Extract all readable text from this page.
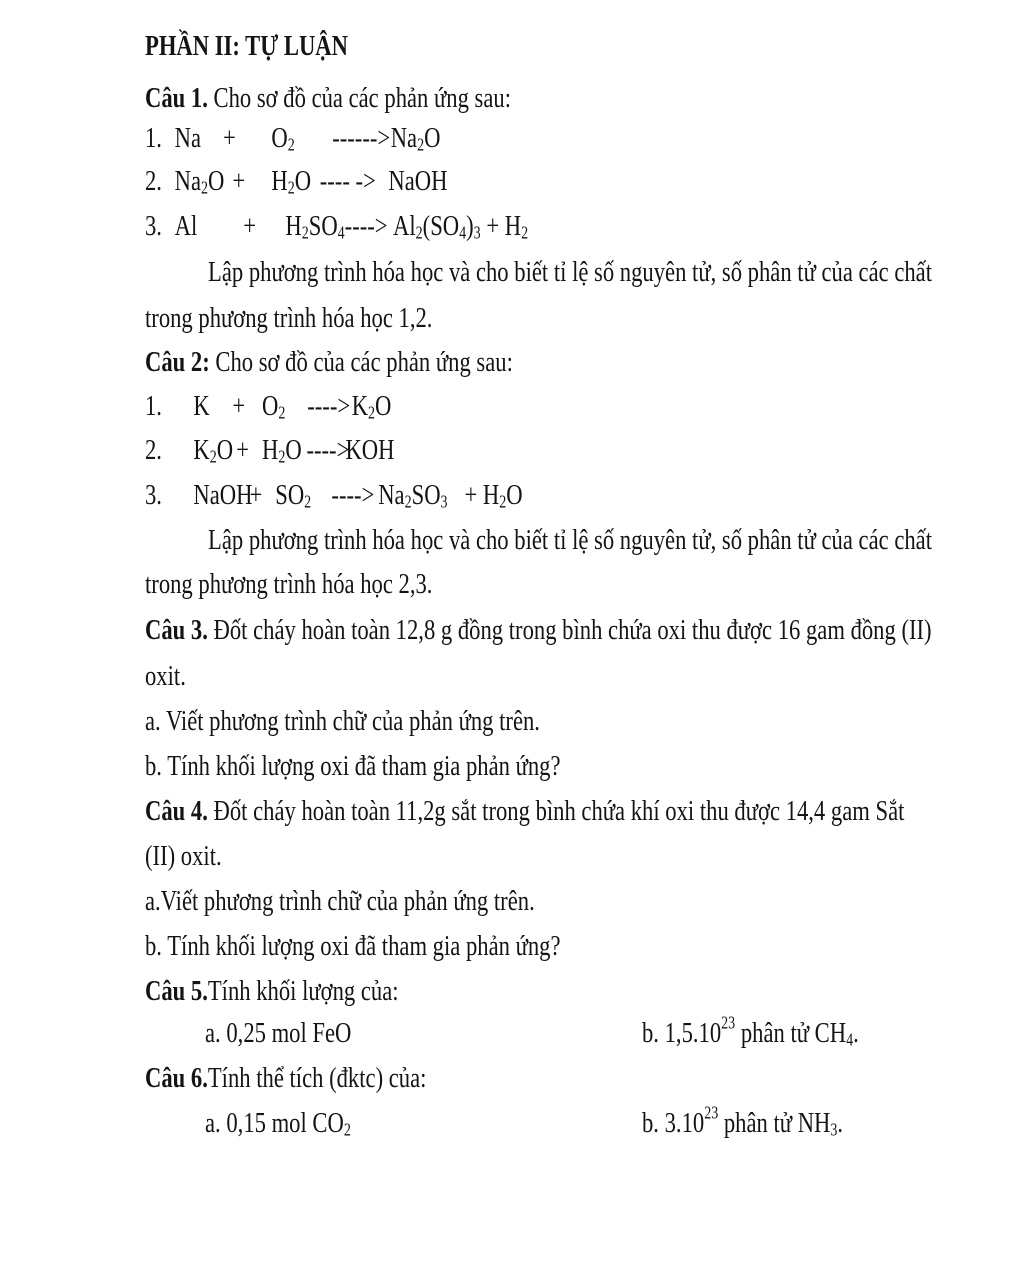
PHẦN II: TỰ LUẬN
Câu 1. Cho sơ đồ của các phản ứng sau:
1. $Na + O_2$ $------>Na_2O$
2. $Na_2O + H_2O$ ---- -> NaOH
3. $Al + H_2SO_4----> Al_2(SO_4)_3 + H_2$
Lập phương trình hóa học và cho biết tỉ lệ số nguyên tử, số phân tử của các chất
trong phương trình hóa học 1,2.
Câu 2: Cho sơ đồ của các phản ứng sau:
1. $K + O_2$ $---->K_2O$
2. $K_2O + H_2O$ ---->KOH
3. NaOH+ $SO_2$ ----> $Na_2SO_3 + H_2O$
Lập phương trình hóa học và cho biết tỉ lệ số nguyên tử, số phân tử của các chất
trong phương trình hóa học 2,3.
Câu 3. Đốt cháy hoàn toàn 12,8 g đồng trong bình chứa oxi thu được 16 gam đồng (II)
oxit.
a. Viết phương trình chữ của phản ứng trên.
b. Tính khối lượng oxi đã tham gia phản ứng?
Câu 4. Đốt cháy hoàn toàn 11,2g sắt trong bình chứa khí oxi thu được 14,4 gam Sắt
(II) oxit.
a.Viết phương trình chữ của phản ứng trên.
b. Tính khối lượng oxi đã tham gia phản ứng?
Câu 5.Tính khối lượng của:
a. 0,25 mol FeO	b. 1,5.10$^{23}$ phân tử $CH_4$.
Câu 6.Tính thể tích (đktc) của:
a. 0,15 mol $CO_2$	b. 3.10$^{23}$ phân tử $NH_3$.
